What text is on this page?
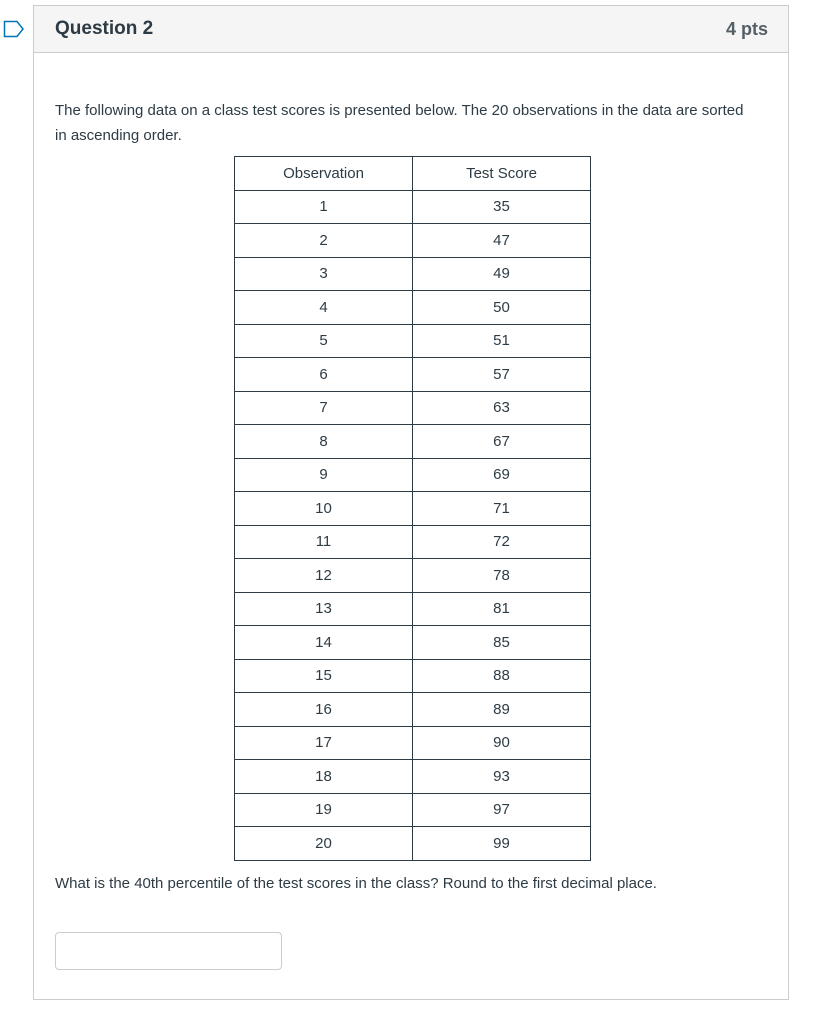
Question 2	4 pts
The following data on a class test scores is presented below. The 20 observations in the data are sorted in ascending order.
Observation	Test Score
1	35
2	47
3	49
4	50
5	51
6	57
7	63
8	67
9	69
10	71
11	72
12	78
13	81
14	85
15	88
16	89
17	90
18	93
19	97
20	99
What is the 40th percentile of the test scores in the class? Round to the first decimal place.
